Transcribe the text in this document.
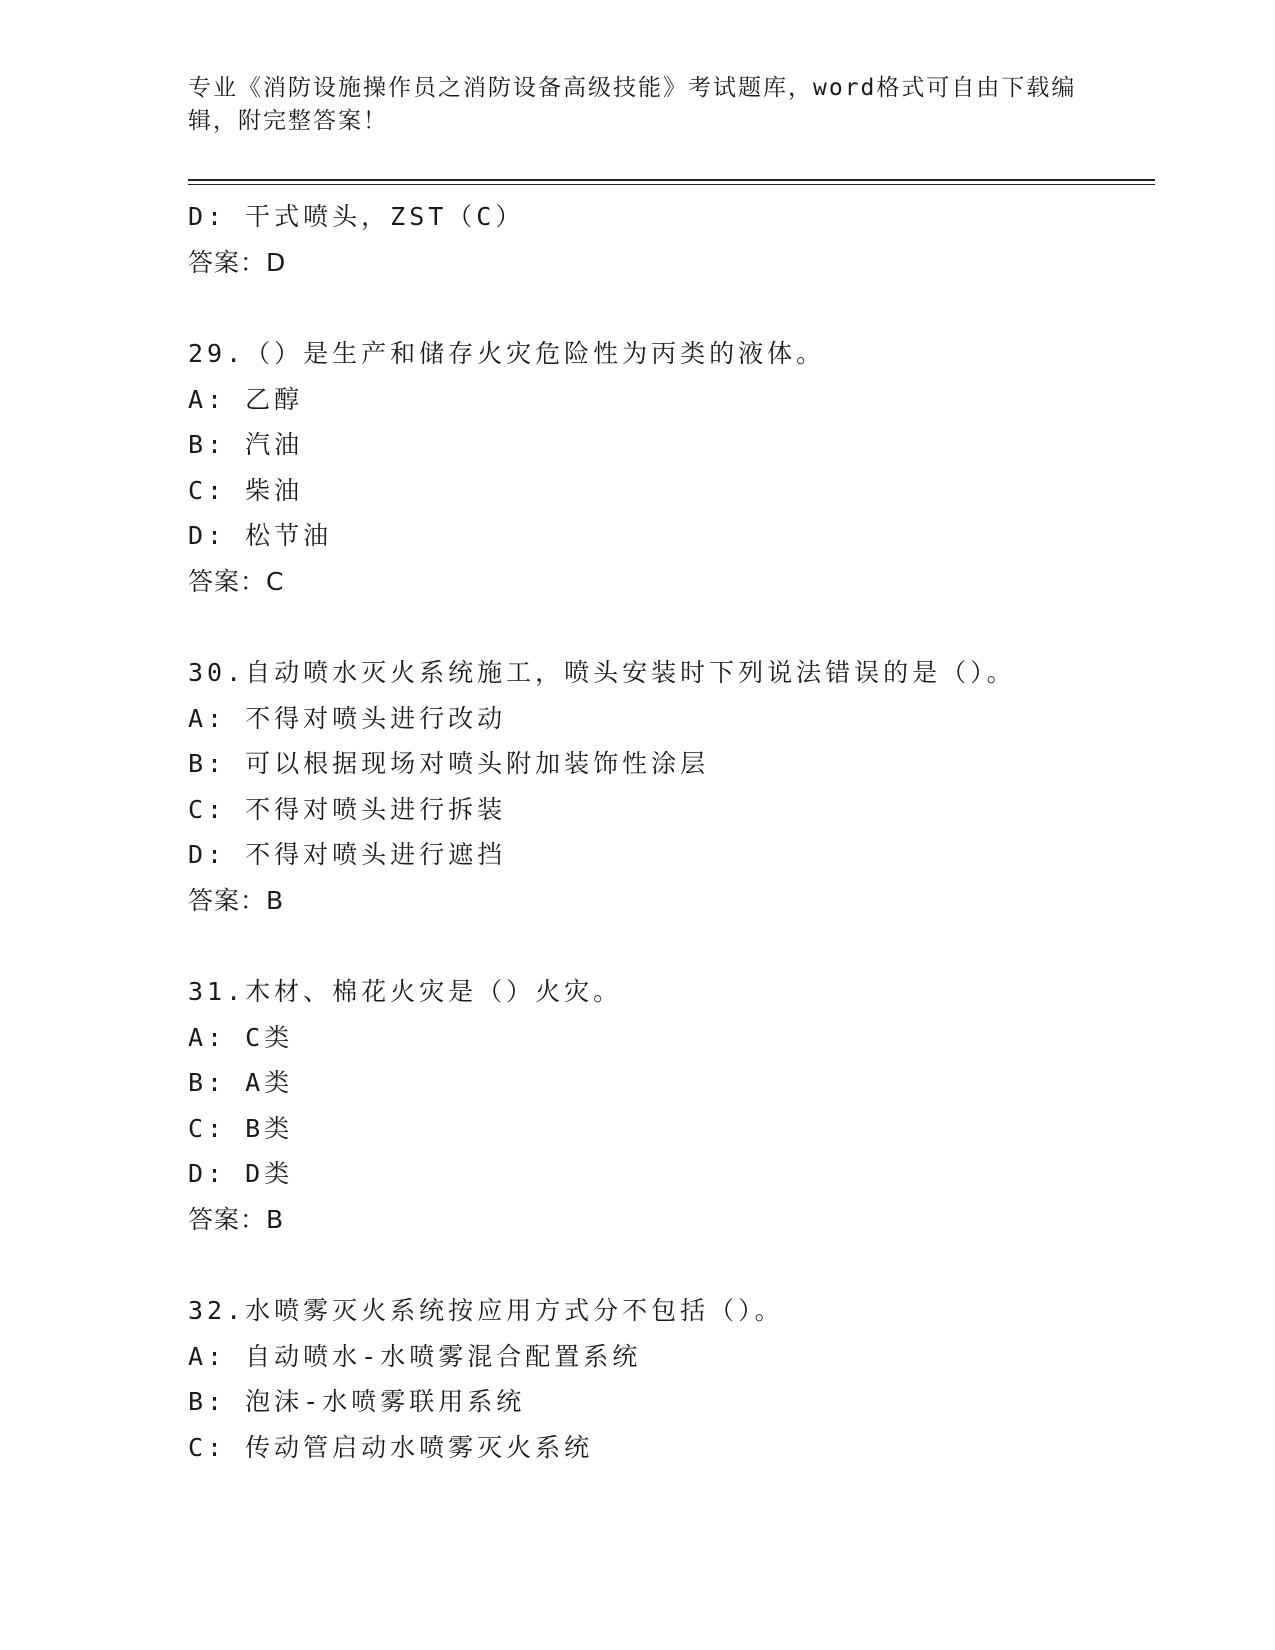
专业《消防设施操作员之消防设备高级技能》考试题库，word格式可自由下载编
辑，附完整答案！
D: 干式喷头，ZST（C）
答案：D
29.（）是生产和储存火灾危险性为丙类的液体。
A: 乙醇
B: 汽油
C: 柴油
D: 松节油
答案：C
30.自动喷水灭火系统施工，喷头安装时下列说法错误的是（）。
A: 不得对喷头进行改动
B: 可以根据现场对喷头附加装饰性涂层
C: 不得对喷头进行拆装
D: 不得对喷头进行遮挡
答案：B
31.木材、棉花火灾是（）火灾。
A: C类
B: A类
C: B类
D: D类
答案：B
32.水喷雾灭火系统按应用方式分不包括（）。
A: 自动喷水-水喷雾混合配置系统
B: 泡沫-水喷雾联用系统
C: 传动管启动水喷雾灭火系统
